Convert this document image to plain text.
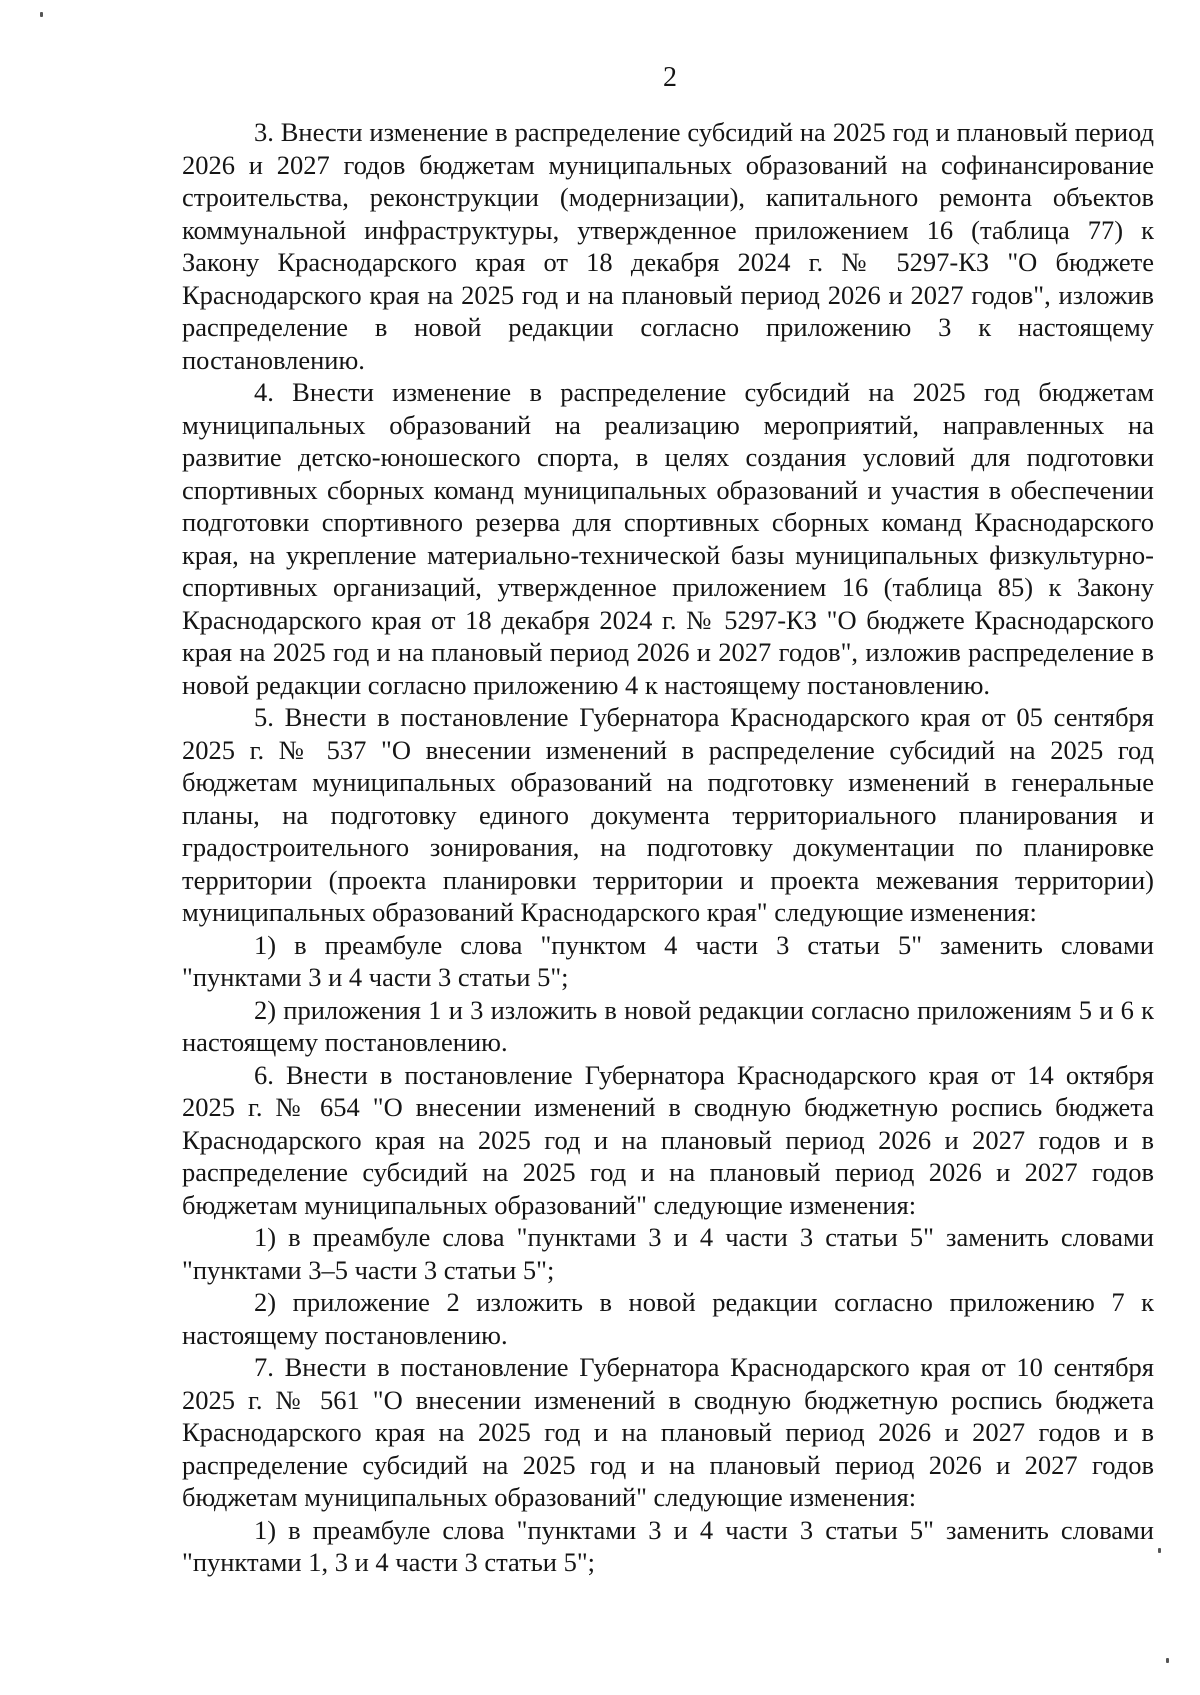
2

3. Внести изменение в распределение субсидий на 2025 год и плановый период 2026 и 2027 годов бюджетам муниципальных образований на софинансирование строительства, реконструкции (модернизации), капитального ремонта объектов коммунальной инфраструктуры, утвержденное приложением 16 (таблица 77) к Закону Краснодарского края от 18 декабря 2024 г. № 5297-КЗ "О бюджете Краснодарского края на 2025 год и на плановый период 2026 и 2027 годов", изложив распределение в новой редакции согласно приложению 3 к настоящему постановлению.

4. Внести изменение в распределение субсидий на 2025 год бюджетам муниципальных образований на реализацию мероприятий, направленных на развитие детско-юношеского спорта, в целях создания условий для подготовки спортивных сборных команд муниципальных образований и участия в обеспечении подготовки спортивного резерва для спортивных сборных команд Краснодарского края, на укрепление материально-технической базы муниципальных физкультурно-спортивных организаций, утвержденное приложением 16 (таблица 85) к Закону Краснодарского края от 18 декабря 2024 г. № 5297-КЗ "О бюджете Краснодарского края на 2025 год и на плановый период 2026 и 2027 годов", изложив распределение в новой редакции согласно приложению 4 к настоящему постановлению.

5. Внести в постановление Губернатора Краснодарского края от 05 сентября 2025 г. № 537 "О внесении изменений в распределение субсидий на 2025 год бюджетам муниципальных образований на подготовку изменений в генеральные планы, на подготовку единого документа территориального планирования и градостроительного зонирования, на подготовку документации по планировке территории (проекта планировки территории и проекта межевания территории) муниципальных образований Краснодарского края" следующие изменения:

1) в преамбуле слова "пунктом 4 части 3 статьи 5" заменить словами "пунктами 3 и 4 части 3 статьи 5";

2) приложения 1 и 3 изложить в новой редакции согласно приложениям 5 и 6 к настоящему постановлению.

6. Внести в постановление Губернатора Краснодарского края от 14 октября 2025 г. № 654 "О внесении изменений в сводную бюджетную роспись бюджета Краснодарского края на 2025 год и на плановый период 2026 и 2027 годов и в распределение субсидий на 2025 год и на плановый период 2026 и 2027 годов бюджетам муниципальных образований" следующие изменения:

1) в преамбуле слова "пунктами 3 и 4 части 3 статьи 5" заменить словами "пунктами 3–5 части 3 статьи 5";

2) приложение 2 изложить в новой редакции согласно приложению 7 к настоящему постановлению.

7. Внести в постановление Губернатора Краснодарского края от 10 сентября 2025 г. № 561 "О внесении изменений в сводную бюджетную роспись бюджета Краснодарского края на 2025 год и на плановый период 2026 и 2027 годов и в распределение субсидий на 2025 год и на плановый период 2026 и 2027 годов бюджетам муниципальных образований" следующие изменения:

1) в преамбуле слова "пунктами 3 и 4 части 3 статьи 5" заменить словами "пунктами 1, 3 и 4 части 3 статьи 5";
